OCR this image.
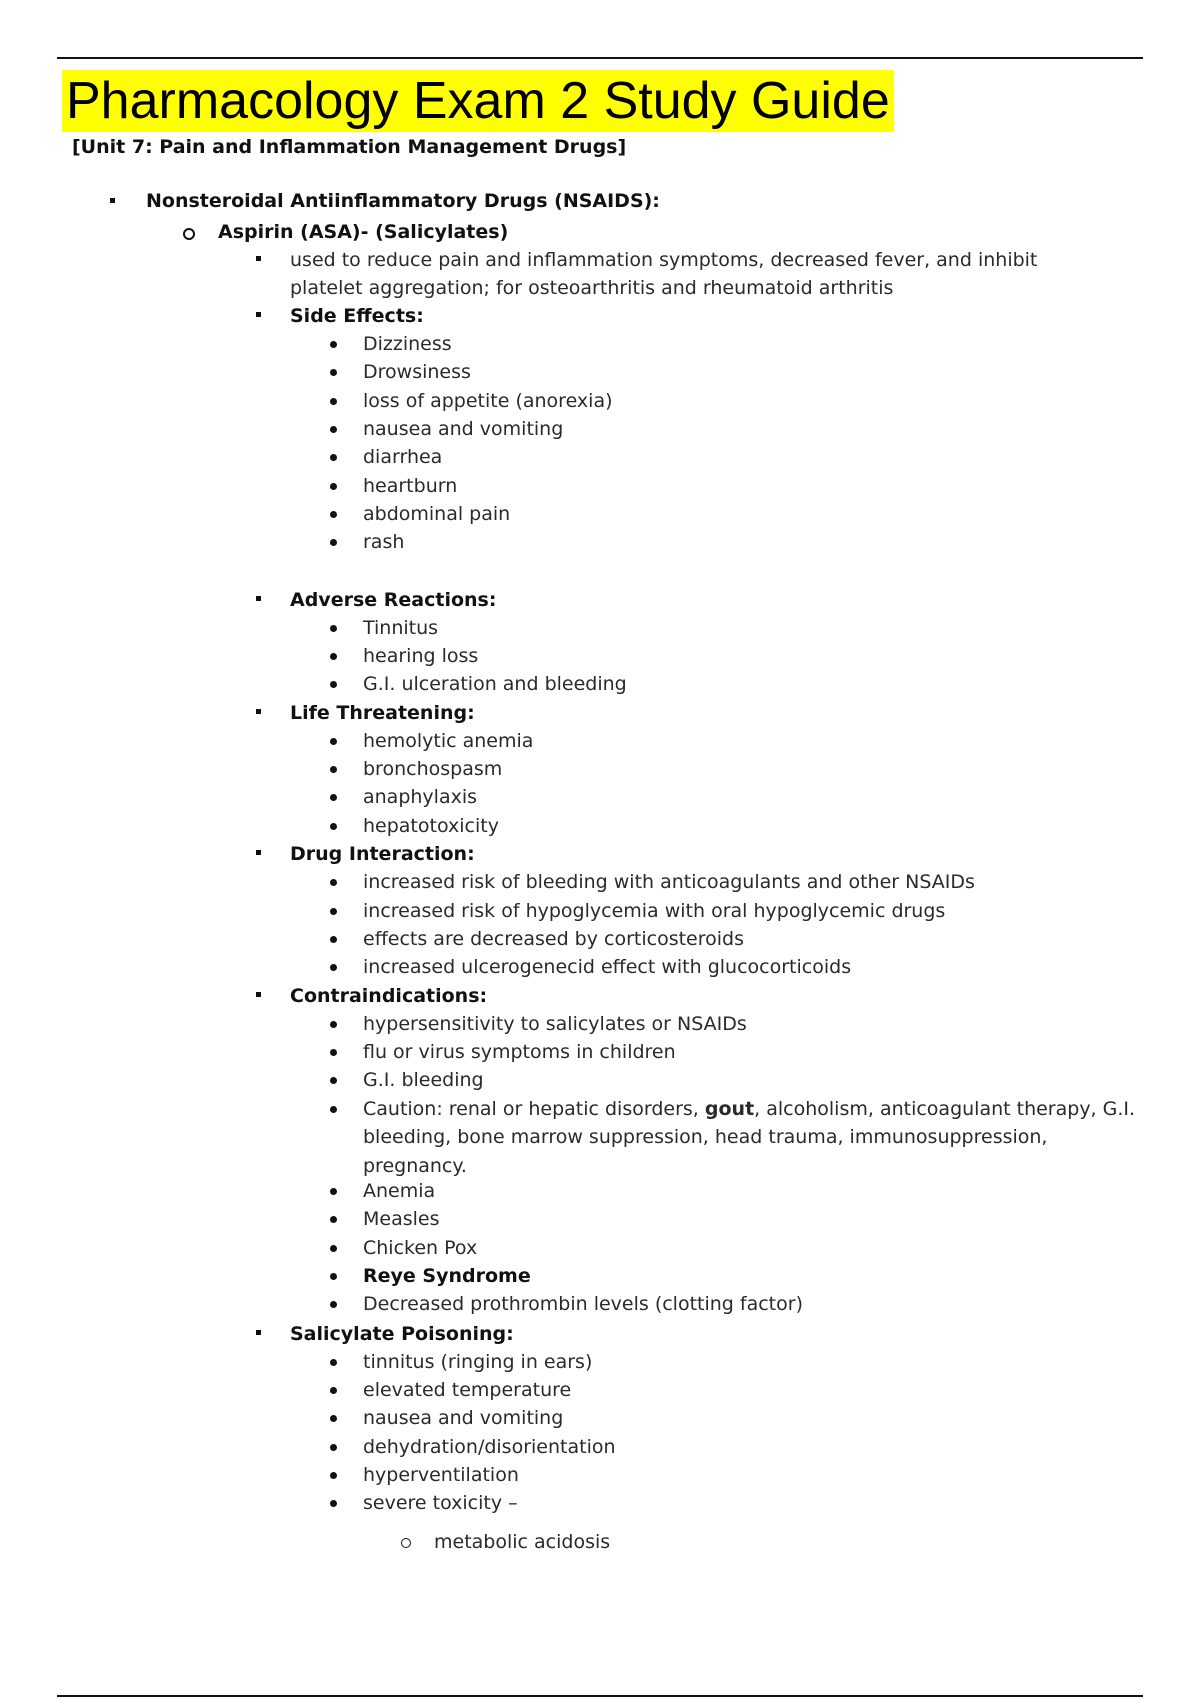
Pharmacology Exam 2 Study Guide
[Unit 7: Pain and Inflammation Management Drugs]
Nonsteroidal Antiinflammatory Drugs (NSAIDS):
Aspirin (ASA)- (Salicylates)
used to reduce pain and inflammation symptoms, decreased fever, and inhibit
platelet aggregation; for osteoarthritis and rheumatoid arthritis
Side Effects:
Dizziness
Drowsiness
loss of appetite (anorexia)
nausea and vomiting
diarrhea
heartburn
abdominal pain
rash
Adverse Reactions:
Tinnitus
hearing loss
G.I. ulceration and bleeding
Life Threatening:
hemolytic anemia
bronchospasm
anaphylaxis
hepatotoxicity
Drug Interaction:
increased risk of bleeding with anticoagulants and other NSAIDs
increased risk of hypoglycemia with oral hypoglycemic drugs
effects are decreased by corticosteroids
increased ulcerogenecid effect with glucocorticoids
Contraindications:
hypersensitivity to salicylates or NSAIDs
flu or virus symptoms in children
G.I. bleeding
Caution: renal or hepatic disorders, gout, alcoholism, anticoagulant therapy, G.I.
bleeding, bone marrow suppression, head trauma, immunosuppression,
pregnancy.
Anemia
Measles
Chicken Pox
Reye Syndrome
Decreased prothrombin levels (clotting factor)
Salicylate Poisoning:
tinnitus (ringing in ears)
elevated temperature
nausea and vomiting
dehydration/disorientation
hyperventilation
severe toxicity –
metabolic acidosis
